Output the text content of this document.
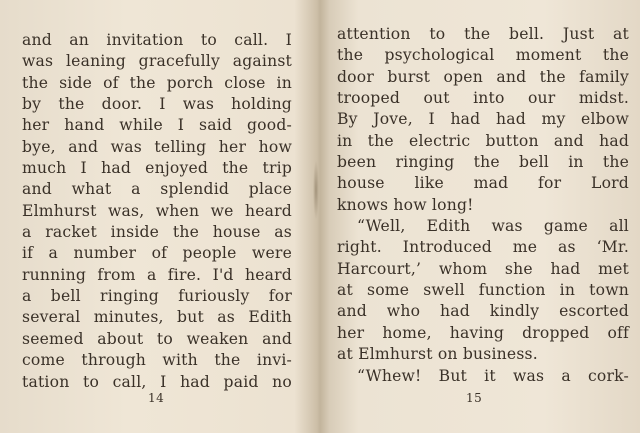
and an invitation to call. I
was leaning gracefully against
the side of the porch close in
by the door. I was holding
her hand while I said good-
bye, and was telling her how
much I had enjoyed the trip
and what a splendid place
Elmhurst was, when we heard
a racket inside the house as
if a number of people were
running from a fire. I'd heard
a bell ringing furiously for
several minutes, but as Edith
seemed about to weaken and
come through with the invi-
tation to call, I had paid no
14
attention to the bell. Just at
the psychological moment the
door burst open and the family
trooped out into our midst.
By Jove, I had had my elbow
in the electric button and had
been ringing the bell in the
house like mad for Lord
knows how long!
“Well, Edith was game all
right. Introduced me as ‘Mr.
Harcourt,’ whom she had met
at some swell function in town
and who had kindly escorted
her home, having dropped off
at Elmhurst on business.
“Whew! But it was a cork-
15
